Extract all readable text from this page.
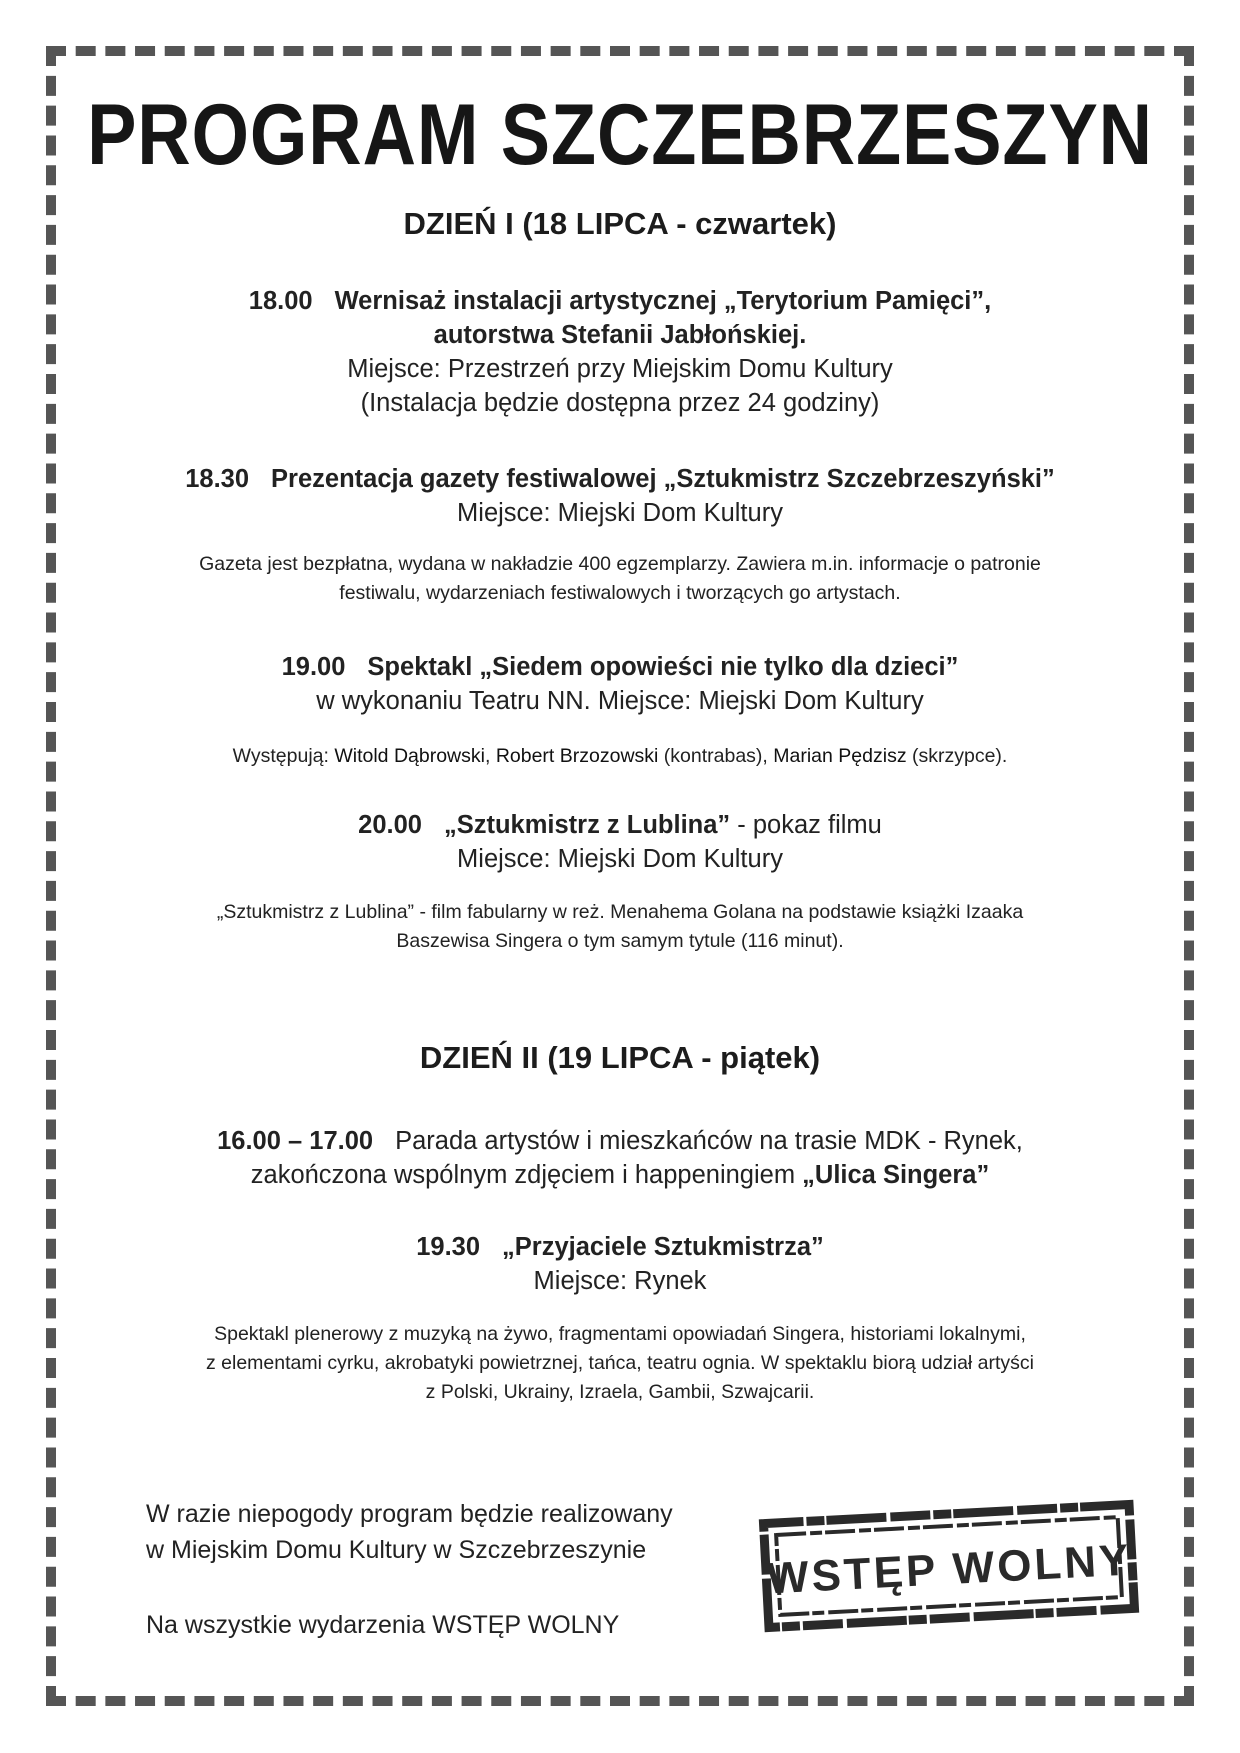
PROGRAM SZCZEBRZESZYN
DZIEŃ I (18 LIPCA - czwartek)
18.00 Wernisaż instalacji artystycznej „Terytorium Pamięci”,
autorstwa Stefanii Jabłońskiej.
Miejsce: Przestrzeń przy Miejskim Domu Kultury
(Instalacja będzie dostępna przez 24 godziny)
18.30 Prezentacja gazety festiwalowej „Sztukmistrz Szczebrzeszyński”
Miejsce: Miejski Dom Kultury
Gazeta jest bezpłatna, wydana w nakładzie 400 egzemplarzy. Zawiera m.in. informacje o patronie
festiwalu, wydarzeniach festiwalowych i tworzących go artystach.
19.00 Spektakl „Siedem opowieści nie tylko dla dzieci”
w wykonaniu Teatru NN. Miejsce: Miejski Dom Kultury
Występują: Witold Dąbrowski, Robert Brzozowski (kontrabas), Marian Pędzisz (skrzypce).
20.00 „Sztukmistrz z Lublina” - pokaz filmu
Miejsce: Miejski Dom Kultury
„Sztukmistrz z Lublina” - film fabularny w reż. Menahema Golana na podstawie książki Izaaka
Baszewisa Singera o tym samym tytule (116 minut).
DZIEŃ II (19 LIPCA - piątek)
16.00 – 17.00 Parada artystów i mieszkańców na trasie MDK - Rynek,
zakończona wspólnym zdjęciem i happeningiem „Ulica Singera”
19.30 „Przyjaciele Sztukmistrza”
Miejsce: Rynek
Spektakl plenerowy z muzyką na żywo, fragmentami opowiadań Singera, historiami lokalnymi,
z elementami cyrku, akrobatyki powietrznej, tańca, teatru ognia. W spektaklu biorą udział artyści
z Polski, Ukrainy, Izraela, Gambii, Szwajcarii.
W razie niepogody program będzie realizowany
w Miejskim Domu Kultury w Szczebrzeszynie
Na wszystkie wydarzenia WSTĘP WOLNY
WSTĘP WOLNY
